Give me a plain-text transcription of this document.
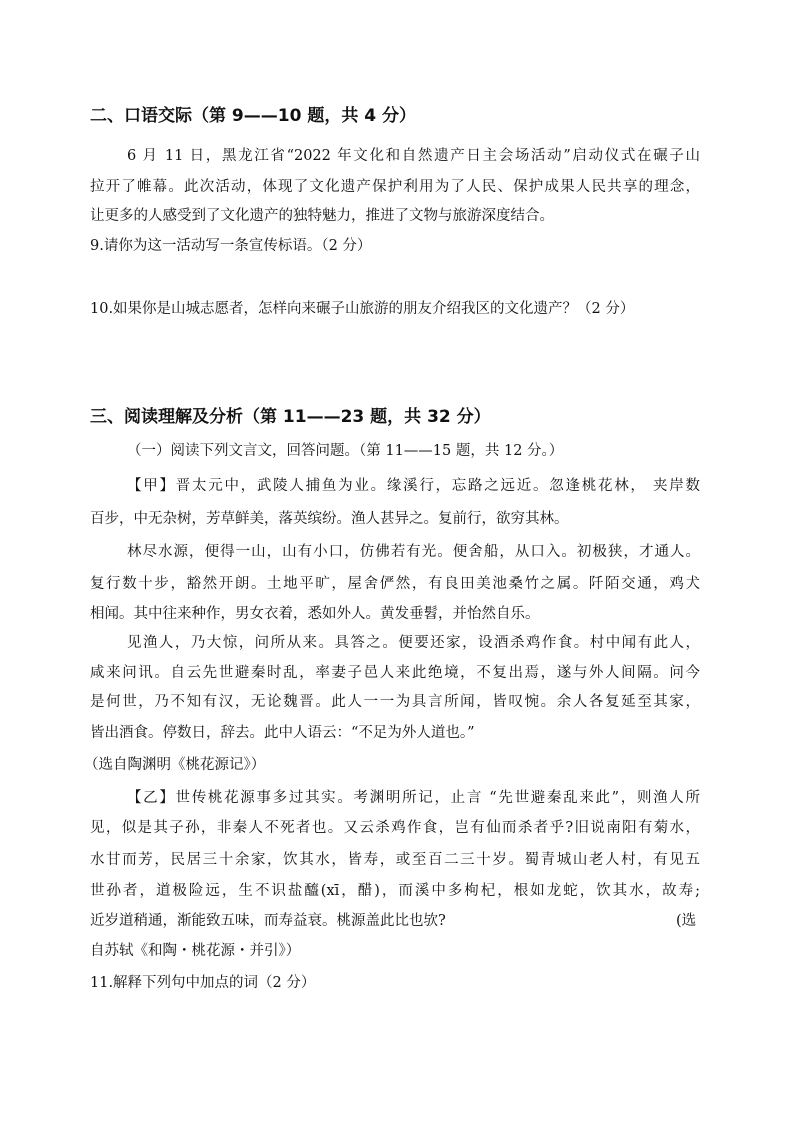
二、口语交际（第 9——10 题，共 4 分）
6 月 11 日，黑龙江省“2022 年文化和自然遗产日主会场活动”启动仪式在碾子山
拉开了帷幕。此次活动，体现了文化遗产保护利用为了人民、保护成果人民共享的理念，
让更多的人感受到了文化遗产的独特魅力，推进了文物与旅游深度结合。
9.请你为这一活动写一条宣传标语。（2 分）
10.如果你是山城志愿者，怎样向来碾子山旅游的朋友介绍我区的文化遗产？（2 分）
三、阅读理解及分析（第 11——23 题，共 32 分）
（一）阅读下列文言文，回答问题。（第 11——15 题，共 12 分。）
【甲】晋太元中，武陵人捕鱼为业。缘溪行，忘路之远近。忽逢桃花林， 夹岸数
百步，中无杂树，芳草鲜美，落英缤纷。渔人甚异之。复前行，欲穷其林。
林尽水源，便得一山，山有小口，仿佛若有光。便舍船，从口入。初极狭，才通人。
复行数十步，豁然开朗。土地平旷，屋舍俨然，有良田美池桑竹之属。阡陌交通，鸡犬
相闻。其中往来种作，男女衣着，悉如外人。黄发垂髫，并怡然自乐。
见渔人，乃大惊，问所从来。具答之。便要还家，设酒杀鸡作食。村中闻有此人，
咸来问讯。自云先世避秦时乱，率妻子邑人来此绝境，不复出焉，遂与外人间隔。问今
是何世，乃不知有汉，无论魏晋。此人一一为具言所闻，皆叹惋。余人各复延至其家，
皆出酒食。停数日，辞去。此中人语云：“不足为外人道也。”
（选自陶渊明《桃花源记》）
【乙】世传桃花源事多过其实。考渊明所记，止言 “先世避秦乱来此”，则渔人所
见，似是其子孙，非秦人不死者也。又云杀鸡作食，岂有仙而杀者乎?旧说南阳有菊水，
水甘而芳，民居三十余家，饮其水，皆寿，或至百二三十岁。蜀青城山老人村，有见五
世孙者，道极险远，生不识盐醯(xī，醋)，而溪中多枸杞，根如龙蛇，饮其水，故寿;
近岁道稍通，渐能致五味，而寿益衰。桃源盖此比也欤?	(选
自苏轼《和陶・桃花源・并引》）
11.解释下列句中加点的词（2 分）
